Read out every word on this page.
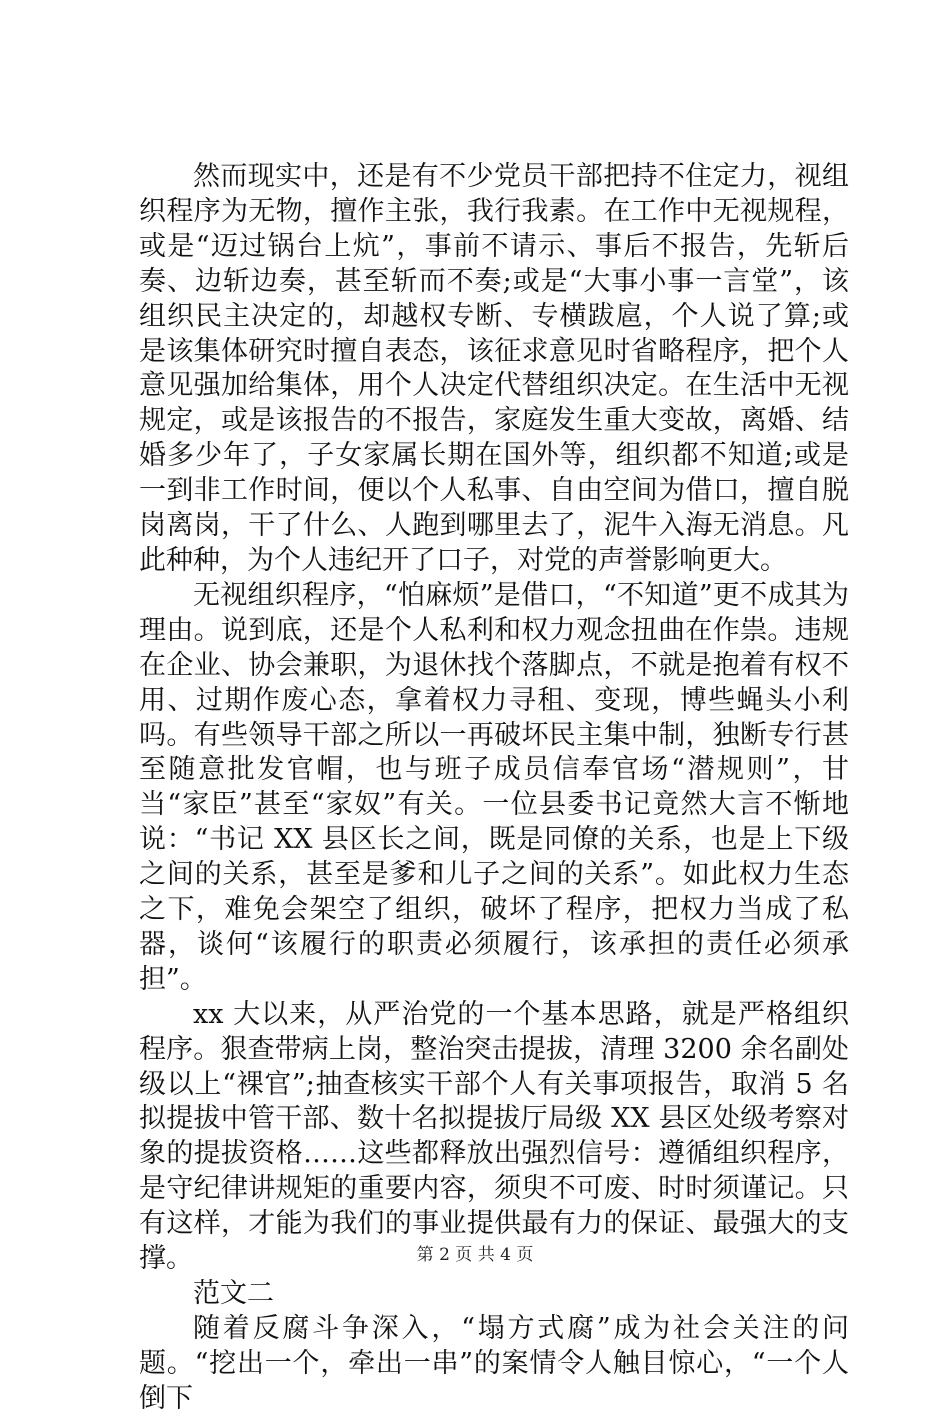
然而现实中，还是有不少党员干部把持不住定力，视组织程序为无物，擅作主张，我行我素。在工作中无视规程，或是“迈过锅台上炕”，事前不请示、事后不报告，先斩后奏、边斩边奏，甚至斩而不奏;或是“大事小事一言堂”，该组织民主决定的，却越权专断、专横跋扈，个人说了算;或是该集体研究时擅自表态，该征求意见时省略程序，把个人意见强加给集体，用个人决定代替组织决定。在生活中无视规定，或是该报告的不报告，家庭发生重大变故，离婚、结婚多少年了，子女家属长期在国外等，组织都不知道;或是一到非工作时间，便以个人私事、自由空间为借口，擅自脱岗离岗，干了什么、人跑到哪里去了，泥牛入海无消息。凡此种种，为个人违纪开了口子，对党的声誉影响更大。

无视组织程序，“怕麻烦”是借口，“不知道”更不成其为理由。说到底，还是个人私利和权力观念扭曲在作祟。违规在企业、协会兼职，为退休找个落脚点，不就是抱着有权不用、过期作废心态，拿着权力寻租、变现，博些蝇头小利吗。有些领导干部之所以一再破坏民主集中制，独断专行甚至随意批发官帽，也与班子成员信奉官场“潜规则”，甘当“家臣”甚至“家奴”有关。一位县委书记竟然大言不惭地说：“书记 XX 县区长之间，既是同僚的关系，也是上下级之间的关系，甚至是爹和儿子之间的关系”。如此权力生态之下，难免会架空了组织，破坏了程序，把权力当成了私器，谈何“该履行的职责必须履行，该承担的责任必须承担”。

xx 大以来，从严治党的一个基本思路，就是严格组织程序。狠查带病上岗，整治突击提拔，清理 3200 余名副处级以上“裸官”;抽查核实干部个人有关事项报告，取消 5 名拟提拔中管干部、数十名拟提拔厅局级 XX 县区处级考察对象的提拔资格……这些都释放出强烈信号：遵循组织程序，是守纪律讲规矩的重要内容，须臾不可废、时时须谨记。只有这样，才能为我们的事业提供最有力的保证、最强大的支撑。

范文二

随着反腐斗争深入，“塌方式腐”成为社会关注的问题。“挖出一个，牵出一串”的案情令人触目惊心，“一个人倒下

第 2 页 共 4 页
